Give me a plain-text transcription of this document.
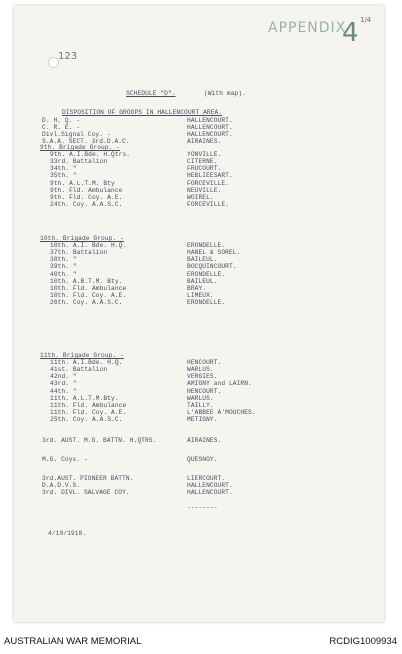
APPENDIX
4 1/4
123
SCHEDULE "D".	(With map).
DISPOSITION OF GROOPS IN HALLENCOURT AREA.
D. H. Q. -	HALLENCOURT.
C. R. E. -	HALLENCOURT.
Divl.Signal Coy. -	HALLENCOURT.
S.A.A. SECT. 3rd.D.A.C.	AIRAINES.
9th. Brigade Group. -
9th. A.I.Bde. H.Qtrs.	YONVILLE.
33rd. Battalion	CITERNE.
34th. "	FRUCOURT.
35th. "	HEBLIEESART.
9th. A.L.T.M. Bty	FORCEVILLE.
9th. Fld. Ambulance	NEUVILLE.
9th. Fld. Coy. A.E.	WOIREL.
24th. Coy. A.A.S.C.	FORCEVILLE.
10th. Brigade Group. -
10th. A.I. Bde. H.Q.	ERONDELLE.
37th. Battalion	HANEL & SOREL.
38th. "	BAILEUL.
39th. "	BOCQUINCOURT.
40th. "	ERONDELLE.
10th. A.B.T.M. Bty.	BAILEUL.
10th. Fld. Ambulance	BRAY.
10th. Fld. Coy. A.E.	LIMEUX.
26th. Coy. A.A.S.C.	ERONDELLE.
11th. Brigade Group. -
11th. A.I.Bde. H.Q.	HENCOURT.
41st. Battalion	WARLUS.
42nd. "	VERGIES.
43rd. "	AMIGNY and LAIRN.
44th. "	HENCOURT.
11th. A.L.T.M.Bty.	WARLUS.
11th. Fld. Ambulance	TAILLY.
11th. Fld. Coy. A.E.	L'ABBEE A'MOUCHES.
25th. Coy. A.A.S.C.	METIGNY.
3rd. AUST. M.G. BATTN. H.QTRS.	AIRAINES.
M.G. Coys. -	QUESNOY.
3rd.AUST. PIONEER BATTN.	LIERCOURT.
D.A.D.V.S.	HALLENCOURT.
3rd. DIVL. SALVAGE COY.	HALLENCOURT.
--------
4/10/1918.
AUSTRALIAN WAR MEMORIAL	RCDIG1009934
